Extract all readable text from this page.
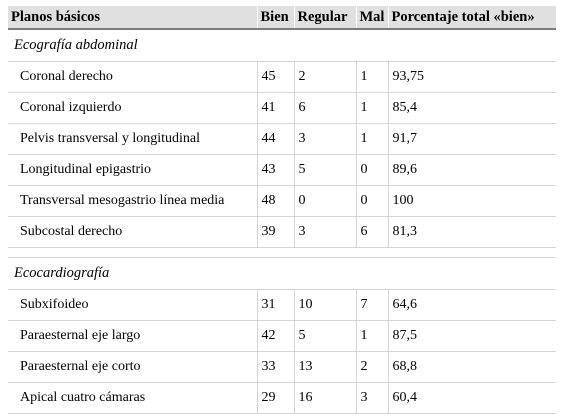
Planos básicos	Bien	Regular	Mal	Porcentaje total «bien»
Ecografía abdominal				
Coronal derecho	45	2	1	93,75
Coronal izquierdo	41	6	1	85,4
Pelvis transversal y longitudinal	44	3	1	91,7
Longitudinal epigastrio	43	5	0	89,6
Transversal mesogastrio línea media	48	0	0	100
Subcostal derecho	39	3	6	81,3

Ecocardiografía				
Subxifoideo	31	10	7	64,6
Paraesternal eje largo	42	5	1	87,5
Paraesternal eje corto	33	13	2	68,8
Apical cuatro cámaras	29	16	3	60,4
